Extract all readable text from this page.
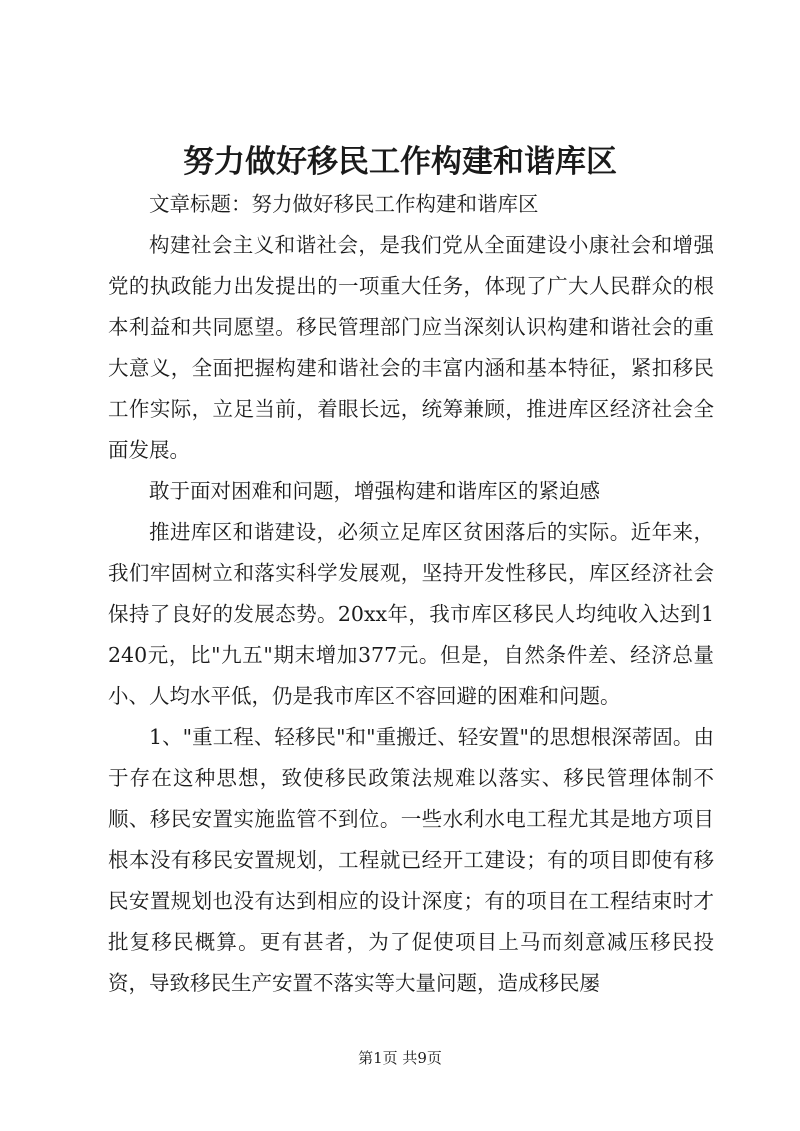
努力做好移民工作构建和谐库区

文章标题：努力做好移民工作构建和谐库区

构建社会主义和谐社会，是我们党从全面建设小康社会和增强党的执政能力出发提出的一项重大任务，体现了广大人民群众的根本利益和共同愿望。移民管理部门应当深刻认识构建和谐社会的重大意义，全面把握构建和谐社会的丰富内涵和基本特征，紧扣移民工作实际，立足当前，着眼长远，统筹兼顾，推进库区经济社会全面发展。

敢于面对困难和问题，增强构建和谐库区的紧迫感

推进库区和谐建设，必须立足库区贫困落后的实际。近年来，我们牢固树立和落实科学发展观，坚持开发性移民，库区经济社会保持了良好的发展态势。20xx年，我市库区移民人均纯收入达到1240元，比"九五"期末增加377元。但是，自然条件差、经济总量小、人均水平低，仍是我市库区不容回避的困难和问题。

1、"重工程、轻移民"和"重搬迁、轻安置"的思想根深蒂固。由于存在这种思想，致使移民政策法规难以落实、移民管理体制不顺、移民安置实施监管不到位。一些水利水电工程尤其是地方项目根本没有移民安置规划，工程就已经开工建设；有的项目即使有移民安置规划也没有达到相应的设计深度；有的项目在工程结束时才批复移民概算。更有甚者，为了促使项目上马而刻意减压移民投资，导致移民生产安置不落实等大量问题，造成移民屡

第1页 共9页
